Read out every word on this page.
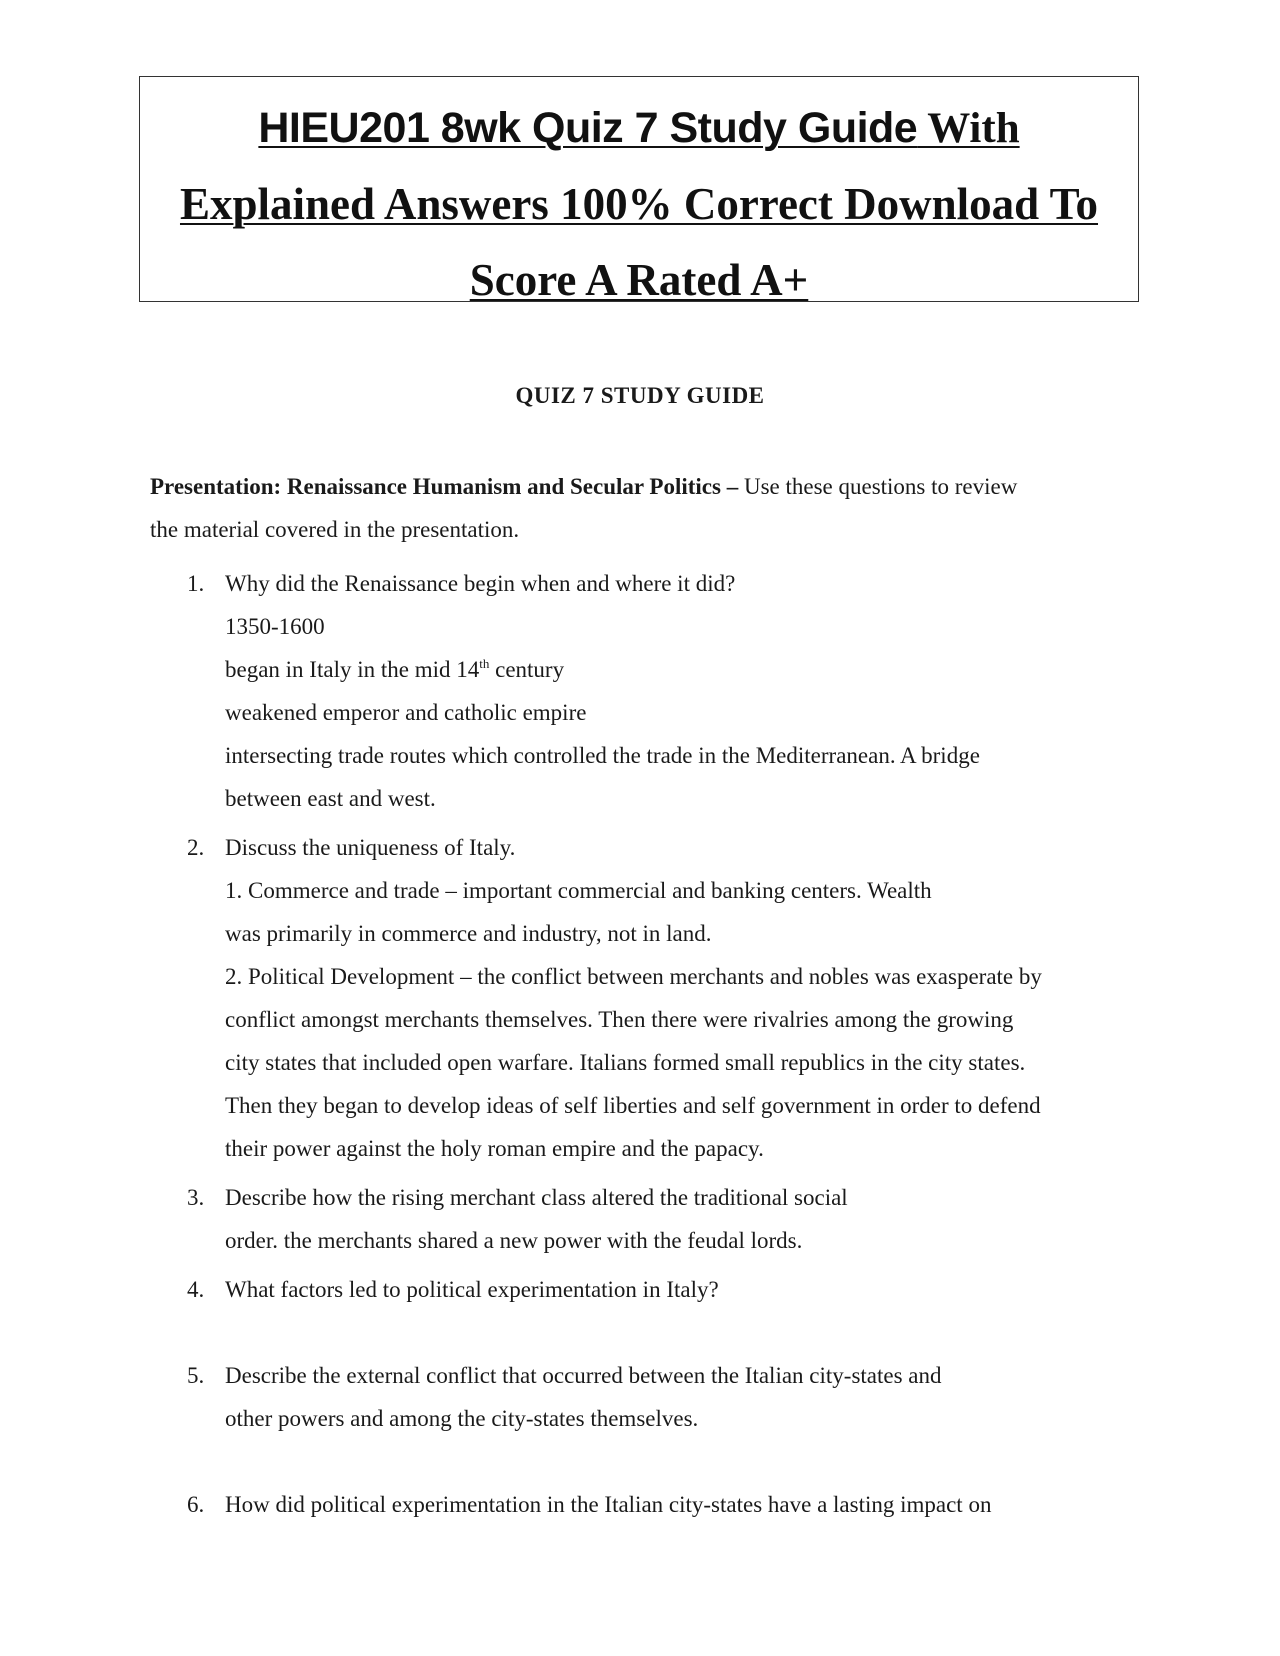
HIEU201 8wk Quiz 7 Study Guide With
Explained Answers 100% Correct Download To
Score A Rated A+
QUIZ 7 STUDY GUIDE
Presentation: Renaissance Humanism and Secular Politics – Use these questions to review
the material covered in the presentation.
1. Why did the Renaissance begin when and where it did?
1350-1600
began in Italy in the mid 14th century
weakened emperor and catholic empire
intersecting trade routes which controlled the trade in the Mediterranean. A bridge
between east and west.
2. Discuss the uniqueness of Italy.
1. Commerce and trade – important commercial and banking centers. Wealth
was primarily in commerce and industry, not in land.
2. Political Development – the conflict between merchants and nobles was exasperate by
conflict amongst merchants themselves. Then there were rivalries among the growing
city states that included open warfare. Italians formed small republics in the city states.
Then they began to develop ideas of self liberties and self government in order to defend
their power against the holy roman empire and the papacy.
3. Describe how the rising merchant class altered the traditional social
order. the merchants shared a new power with the feudal lords.
4. What factors led to political experimentation in Italy?
5. Describe the external conflict that occurred between the Italian city-states and
other powers and among the city-states themselves.
6. How did political experimentation in the Italian city-states have a lasting impact on
